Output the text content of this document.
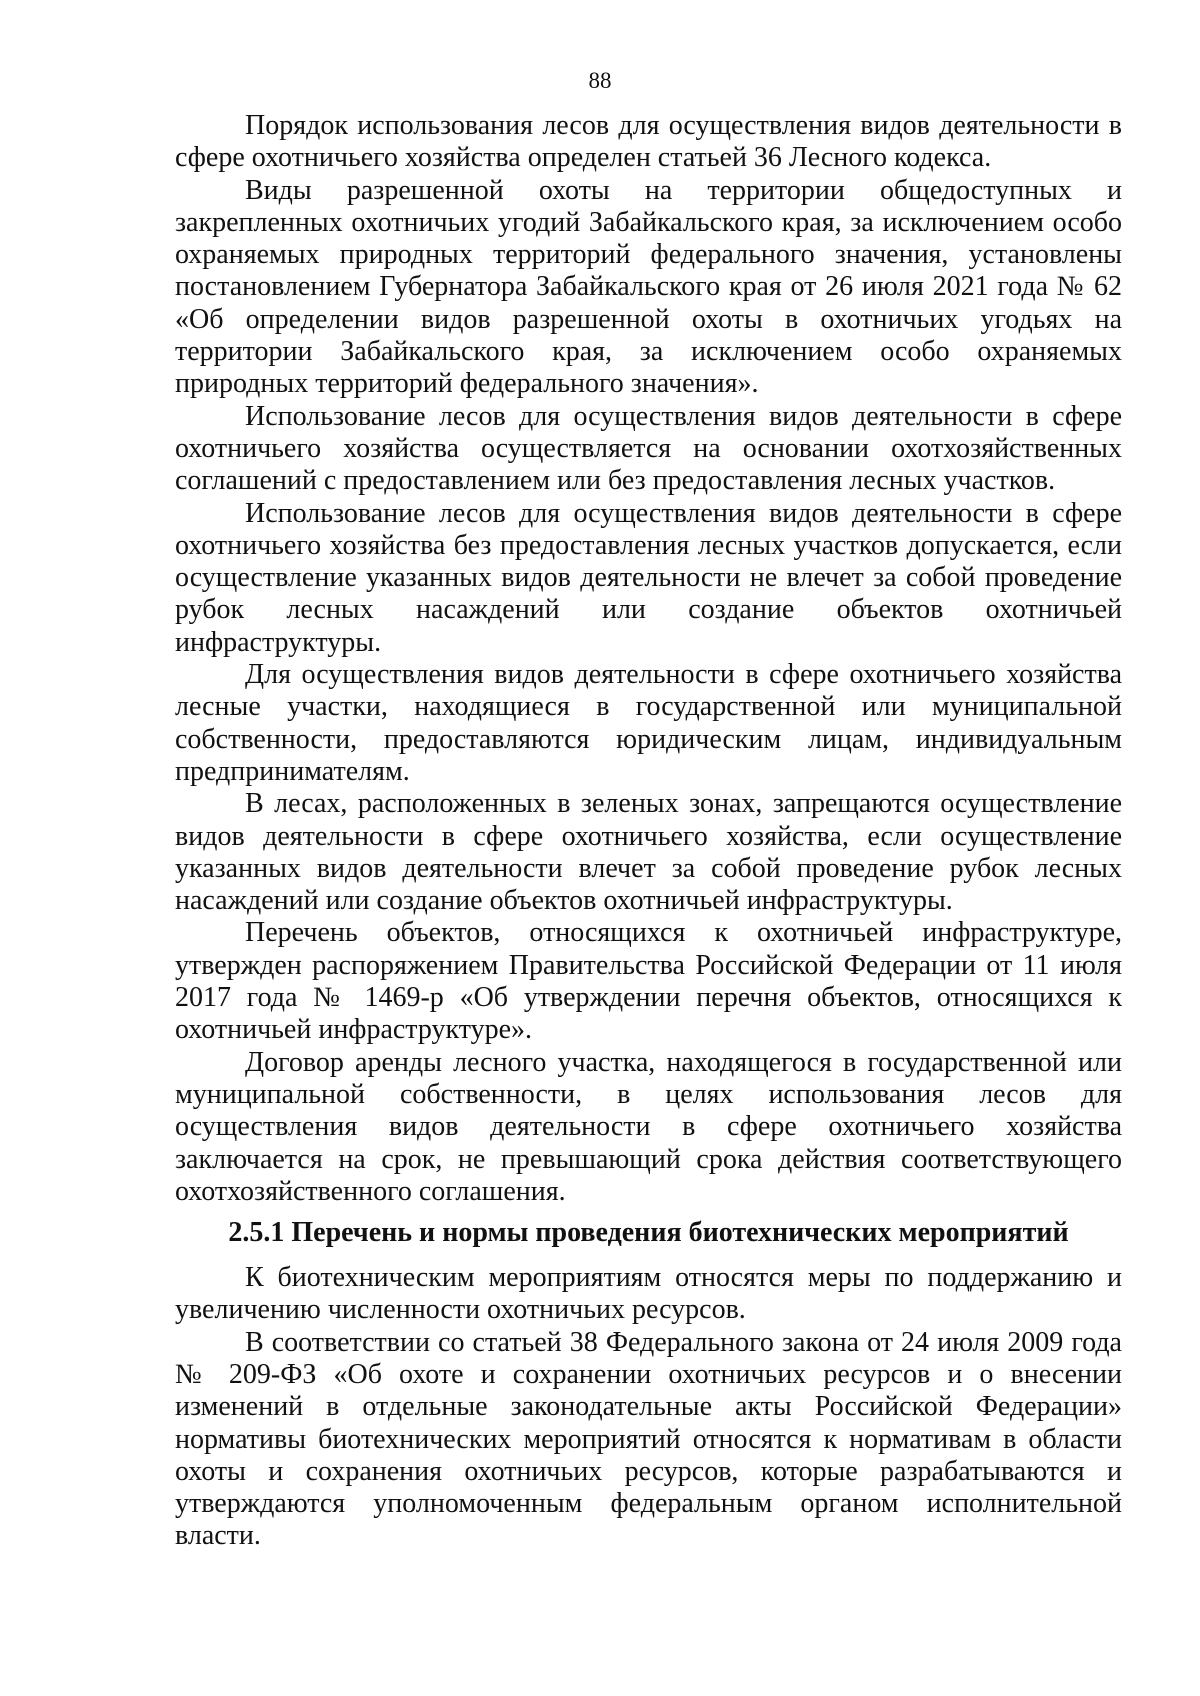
88

Порядок использования лесов для осуществления видов деятельности в сфере охотничьего хозяйства определен статьей 36 Лесного кодекса.

Виды разрешенной охоты на территории общедоступных и закрепленных охотничьих угодий Забайкальского края, за исключением особо охраняемых природных территорий федерального значения, установлены постановлением Губернатора Забайкальского края от 26 июля 2021 года № 62 «Об определении видов разрешенной охоты в охотничьих угодьях на территории Забайкальского края, за исключением особо охраняемых природных территорий федерального значения».

Использование лесов для осуществления видов деятельности в сфере охотничьего хозяйства осуществляется на основании охотхозяйственных соглашений с предоставлением или без предоставления лесных участков.

Использование лесов для осуществления видов деятельности в сфере охотничьего хозяйства без предоставления лесных участков допускается, если осуществление указанных видов деятельности не влечет за собой проведение рубок лесных насаждений или создание объектов охотничьей инфраструктуры.

Для осуществления видов деятельности в сфере охотничьего хозяйства лесные участки, находящиеся в государственной или муниципальной собственности, предоставляются юридическим лицам, индивидуальным предпринимателям.

В лесах, расположенных в зеленых зонах, запрещаются осуществление видов деятельности в сфере охотничьего хозяйства, если осуществление указанных видов деятельности влечет за собой проведение рубок лесных насаждений или создание объектов охотничьей инфраструктуры.

Перечень объектов, относящихся к охотничьей инфраструктуре, утвержден распоряжением Правительства Российской Федерации от 11 июля 2017 года № 1469-р «Об утверждении перечня объектов, относящихся к охотничьей инфраструктуре».

Договор аренды лесного участка, находящегося в государственной или муниципальной собственности, в целях использования лесов для осуществления видов деятельности в сфере охотничьего хозяйства заключается на срок, не превышающий срока действия соответствующего охотхозяйственного соглашения.

2.5.1 Перечень и нормы проведения биотехнических мероприятий

К биотехническим мероприятиям относятся меры по поддержанию и увеличению численности охотничьих ресурсов.

В соответствии со статьей 38 Федерального закона от 24 июля 2009 года № 209-ФЗ «Об охоте и сохранении охотничьих ресурсов и о внесении изменений в отдельные законодательные акты Российской Федерации» нормативы биотехнических мероприятий относятся к нормативам в области охоты и сохранения охотничьих ресурсов, которые разрабатываются и утверждаются уполномоченным федеральным органом исполнительной власти.
